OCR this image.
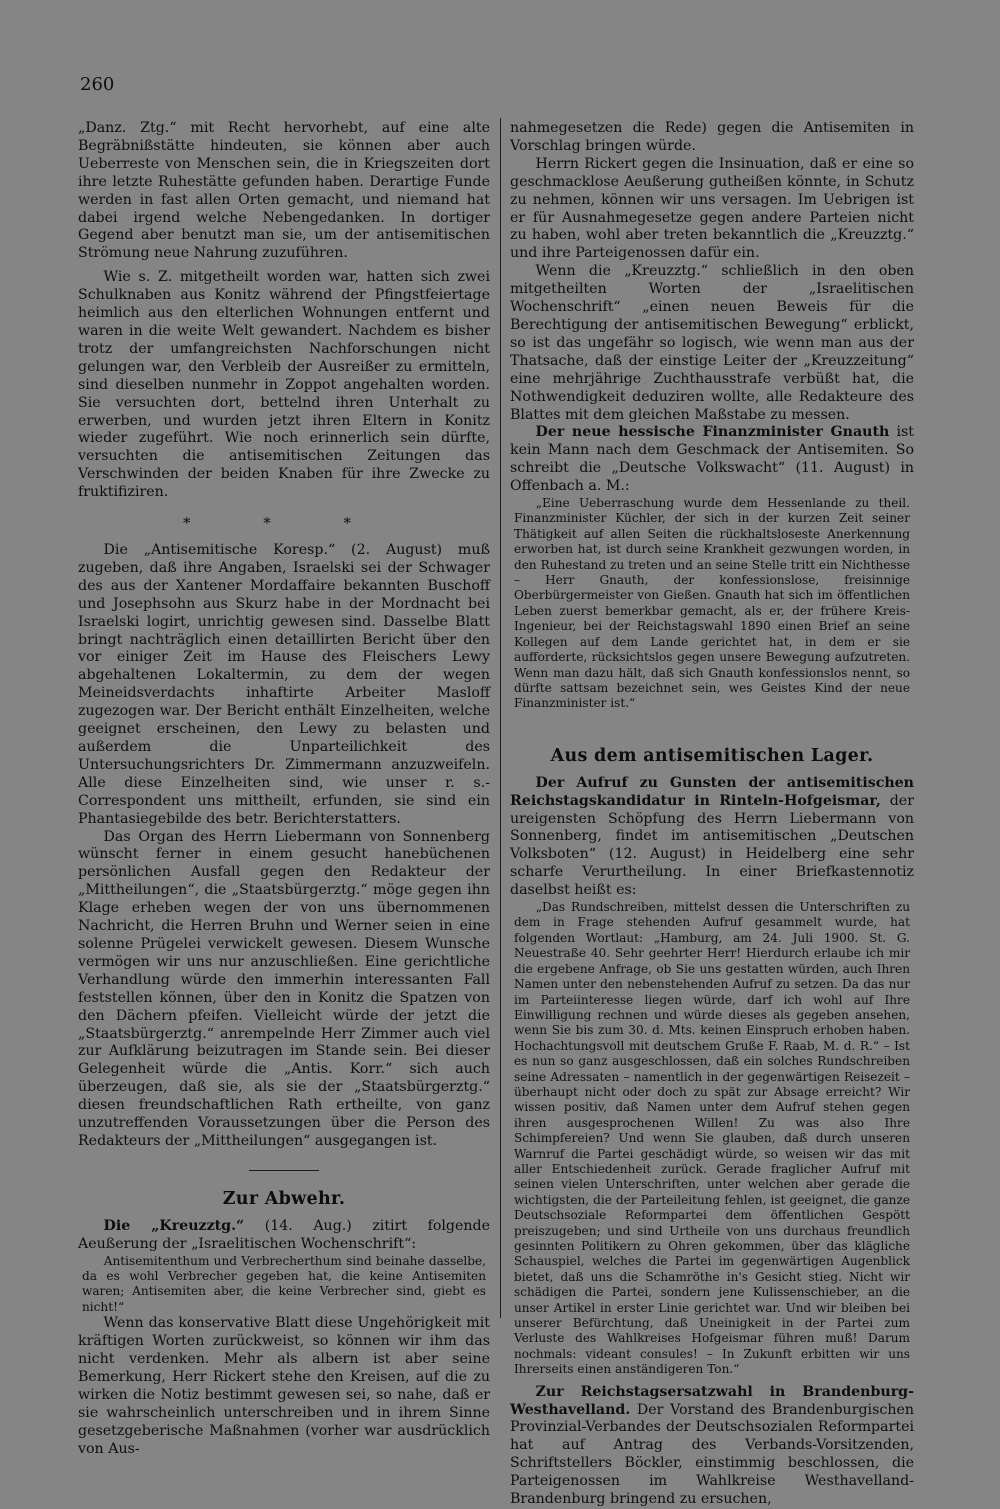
260

„Danz. Ztg.“ mit Recht hervorhebt, auf eine alte Begräbnißstätte hindeuten, sie können aber auch Ueberreste von Menschen sein, die in Kriegszeiten dort ihre letzte Ruhestätte gefunden haben. Derartige Funde werden in fast allen Orten gemacht, und niemand hat dabei irgend welche Nebengedanken. In dortiger Gegend aber benutzt man sie, um der antisemitischen Strömung neue Nahrung zuzuführen.

Wie s. Z. mitgetheilt worden war, hatten sich zwei Schulknaben aus Konitz während der Pfingstfeiertage heimlich aus den elterlichen Wohnungen entfernt und waren in die weite Welt gewandert. Nachdem es bisher trotz der umfangreichsten Nachforschungen nicht gelungen war, den Verbleib der Ausreißer zu ermitteln, sind dieselben nunmehr in Zoppot angehalten worden. Sie versuchten dort, bettelnd ihren Unterhalt zu erwerben, und wurden jetzt ihren Eltern in Konitz wieder zugeführt. Wie noch erinnerlich sein dürfte, versuchten die antisemitischen Zeitungen das Verschwinden der beiden Knaben für ihre Zwecke zu fruktifiziren.

* * *

Die „Antisemitische Koresp.“ (2. August) muß zugeben, daß ihre Angaben, Israelski sei der Schwager des aus der Xantener Mordaffaire bekannten Buschoff und Josephsohn aus Skurz habe in der Mordnacht bei Israelski logirt, unrichtig gewesen sind. Dasselbe Blatt bringt nachträglich einen detaillirten Bericht über den vor einiger Zeit im Hause des Fleischers Lewy abgehaltenen Lokaltermin, zu dem der wegen Meineidsverdachts inhaftirte Arbeiter Masloff zugezogen war. Der Bericht enthält Einzelheiten, welche geeignet erscheinen, den Lewy zu belasten und außerdem die Unparteilichkeit des Untersuchungsrichters Dr. Zimmermann anzuzweifeln. Alle diese Einzelheiten sind, wie unser r. s.-Correspondent uns mittheilt, erfunden, sie sind ein Phantasiegebilde des betr. Berichterstatters.

Das Organ des Herrn Liebermann von Sonnenberg wünscht ferner in einem gesucht hanebüchenen persönlichen Ausfall gegen den Redakteur der „Mittheilungen“, die „Staatsbürgerztg.“ möge gegen ihn Klage erheben wegen der von uns übernommenen Nachricht, die Herren Bruhn und Werner seien in eine solenne Prügelei verwickelt gewesen. Diesem Wunsche vermögen wir uns nur anzuschließen. Eine gerichtliche Verhandlung würde den immerhin interessanten Fall feststellen können, über den in Konitz die Spatzen von den Dächern pfeifen. Vielleicht würde der jetzt die „Staatsbürgerztg.“ anrempelnde Herr Zimmer auch viel zur Aufklärung beizutragen im Stande sein. Bei dieser Gelegenheit würde die „Antis. Korr.“ sich auch überzeugen, daß sie, als sie der „Staatsbürgerztg.“ diesen freundschaftlichen Rath ertheilte, von ganz unzutreffenden Voraussetzungen über die Person des Redakteurs der „Mittheilungen“ ausgegangen ist.

Zur Abwehr.

Die „Kreuzztg.“ (14. Aug.) zitirt folgende Aeußerung der „Israelitischen Wochenschrift“:

Antisemitenthum und Verbrecherthum sind beinahe dasselbe, da es wohl Verbrecher gegeben hat, die keine Antisemiten waren; Antisemiten aber, die keine Verbrecher sind, giebt es nicht!“

Wenn das konservative Blatt diese Ungehörigkeit mit kräftigen Worten zurückweist, so können wir ihm das nicht verdenken. Mehr als albern ist aber seine Bemerkung, Herr Rickert stehe den Kreisen, auf die zu wirken die Notiz bestimmt gewesen sei, so nahe, daß er sie wahrscheinlich unterschreiben und in ihrem Sinne gesetzgeberische Maßnahmen (vorher war ausdrücklich von Aus-

nahmegesetzen die Rede) gegen die Antisemiten in Vorschlag bringen würde.

Herrn Rickert gegen die Insinuation, daß er eine so geschmacklose Aeußerung gutheißen könnte, in Schutz zu nehmen, können wir uns versagen. Im Uebrigen ist er für Ausnahmegesetze gegen andere Parteien nicht zu haben, wohl aber treten bekanntlich die „Kreuzztg.“ und ihre Parteigenossen dafür ein.

Wenn die „Kreuzztg.“ schließlich in den oben mitgetheilten Worten der „Israelitischen Wochenschrift“ „einen neuen Beweis für die Berechtigung der antisemitischen Bewegung“ erblickt, so ist das ungefähr so logisch, wie wenn man aus der Thatsache, daß der einstige Leiter der „Kreuzzeitung“ eine mehrjährige Zuchthausstrafe verbüßt hat, die Nothwendigkeit deduziren wollte, alle Redakteure des Blattes mit dem gleichen Maßstabe zu messen.

Der neue hessische Finanzminister Gnauth ist kein Mann nach dem Geschmack der Antisemiten. So schreibt die „Deutsche Volkswacht“ (11. August) in Offenbach a. M.:

„Eine Ueberraschung wurde dem Hessenlande zu theil. Finanzminister Küchler, der sich in der kurzen Zeit seiner Thätigkeit auf allen Seiten die rückhaltsloseste Anerkennung erworben hat, ist durch seine Krankheit gezwungen worden, in den Ruhestand zu treten und an seine Stelle tritt ein Nichthesse – Herr Gnauth, der konfessionslose, freisinnige Oberbürgermeister von Gießen. Gnauth hat sich im öffentlichen Leben zuerst bemerkbar gemacht, als er, der frühere Kreis-Ingenieur, bei der Reichstagswahl 1890 einen Brief an seine Kollegen auf dem Lande gerichtet hat, in dem er sie aufforderte, rücksichtslos gegen unsere Bewegung aufzutreten. Wenn man dazu hält, daß sich Gnauth konfessionslos nennt, so dürfte sattsam bezeichnet sein, wes Geistes Kind der neue Finanzminister ist.“

Aus dem antisemitischen Lager.

Der Aufruf zu Gunsten der antisemitischen Reichstagskandidatur in Rinteln-Hofgeismar, der ureigensten Schöpfung des Herrn Liebermann von Sonnenberg, findet im antisemitischen „Deutschen Volksboten“ (12. August) in Heidelberg eine sehr scharfe Verurtheilung. In einer Briefkastennotiz daselbst heißt es:

„Das Rundschreiben, mittelst dessen die Unterschriften zu dem in Frage stehenden Aufruf gesammelt wurde, hat folgenden Wortlaut: „Hamburg, am 24. Juli 1900. St. G. Neuestraße 40. Sehr geehrter Herr! Hierdurch erlaube ich mir die ergebene Anfrage, ob Sie uns gestatten würden, auch Ihren Namen unter den nebenstehenden Aufruf zu setzen. Da das nur im Parteiinteresse liegen würde, darf ich wohl auf Ihre Einwilligung rechnen und würde dieses als gegeben ansehen, wenn Sie bis zum 30. d. Mts. keinen Einspruch erhoben haben. Hochachtungsvoll mit deutschem Gruße F. Raab, M. d. R.“ – Ist es nun so ganz ausgeschlossen, daß ein solches Rundschreiben seine Adressaten – namentlich in der gegenwärtigen Reisezeit – überhaupt nicht oder doch zu spät zur Absage erreicht? Wir wissen positiv, daß Namen unter dem Aufruf stehen gegen ihren ausgesprochenen Willen! Zu was also Ihre Schimpfereien? Und wenn Sie glauben, daß durch unseren Warnruf die Partei geschädigt würde, so weisen wir das mit aller Entschiedenheit zurück. Gerade fraglicher Aufruf mit seinen vielen Unterschriften, unter welchen aber gerade die wichtigsten, die der Parteileitung fehlen, ist geeignet, die ganze Deutschsoziale Reformpartei dem öffentlichen Gespött preiszugeben; und sind Urtheile von uns durchaus freundlich gesinnten Politikern zu Ohren gekommen, über das klägliche Schauspiel, welches die Partei im gegenwärtigen Augenblick bietet, daß uns die Schamröthe in's Gesicht stieg. Nicht wir schädigen die Partei, sondern jene Kulissenschieber, an die unser Artikel in erster Linie gerichtet war. Und wir bleiben bei unserer Befürchtung, daß Uneinigkeit in der Partei zum Verluste des Wahlkreises Hofgeismar führen muß! Darum nochmals: videant consules! – In Zukunft erbitten wir uns Ihrerseits einen anständigeren Ton.“

Zur Reichstagsersatzwahl in Brandenburg-Westhavelland. Der Vorstand des Brandenburgischen Provinzial-Verbandes der Deutschsozialen Reformpartei hat auf Antrag des Verbands-Vorsitzenden, Schriftstellers Böckler, einstimmig beschlossen, die Parteigenossen im Wahlkreise Westhavelland-Brandenburg bringend zu ersuchen,
